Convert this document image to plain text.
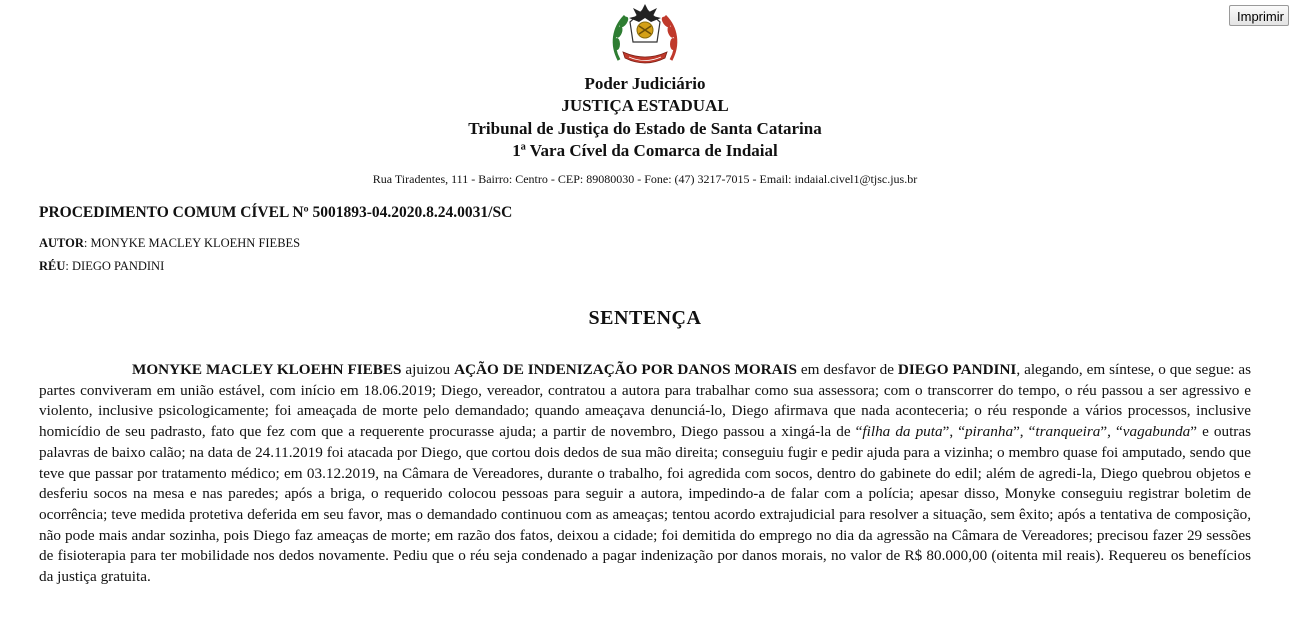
Imprimir
Poder Judiciário
JUSTIÇA ESTADUAL
Tribunal de Justiça do Estado de Santa Catarina
1ª Vara Cível da Comarca de Indaial
Rua Tiradentes, 111 - Bairro: Centro - CEP: 89080030 - Fone: (47) 3217-7015 - Email: indaial.civel1@tjsc.jus.br
PROCEDIMENTO COMUM CÍVEL Nº 5001893-04.2020.8.24.0031/SC
AUTOR: MONYKE MACLEY KLOEHN FIEBES
RÉU: DIEGO PANDINI
SENTENÇA

MONYKE MACLEY KLOEHN FIEBES ajuizou AÇÃO DE INDENIZAÇÃO POR DANOS MORAIS em desfavor de DIEGO PANDINI, alegando, em síntese, o que segue: as partes conviveram em união estável, com início em 18.06.2019; Diego, vereador, contratou a autora para trabalhar como sua assessora; com o transcorrer do tempo, o réu passou a ser agressivo e violento, inclusive psicologicamente; foi ameaçada de morte pelo demandado; quando ameaçava denunciá-lo, Diego afirmava que nada aconteceria; o réu responde a vários processos, inclusive homicídio de seu padrasto, fato que fez com que a requerente procurasse ajuda; a partir de novembro, Diego passou a xingá-la de “filha da puta”, “piranha”, “tranqueira”, “vagabunda” e outras palavras de baixo calão; na data de 24.11.2019 foi atacada por Diego, que cortou dois dedos de sua mão direita; conseguiu fugir e pedir ajuda para a vizinha; o membro quase foi amputado, sendo que teve que passar por tratamento médico; em 03.12.2019, na Câmara de Vereadores, durante o trabalho, foi agredida com socos, dentro do gabinete do edil; além de agredi-la, Diego quebrou objetos e desferiu socos na mesa e nas paredes; após a briga, o requerido colocou pessoas para seguir a autora, impedindo-a de falar com a polícia; apesar disso, Monyke conseguiu registrar boletim de ocorrência; teve medida protetiva deferida em seu favor, mas o demandado continuou com as ameaças; tentou acordo extrajudicial para resolver a situação, sem êxito; após a tentativa de composição, não pode mais andar sozinha, pois Diego faz ameaças de morte; em razão dos fatos, deixou a cidade; foi demitida do emprego no dia da agressão na Câmara de Vereadores; precisou fazer 29 sessões de fisioterapia para ter mobilidade nos dedos novamente. Pediu que o réu seja condenado a pagar indenização por danos morais, no valor de R$ 80.000,00 (oitenta mil reais). Requereu os benefícios da justiça gratuita.
